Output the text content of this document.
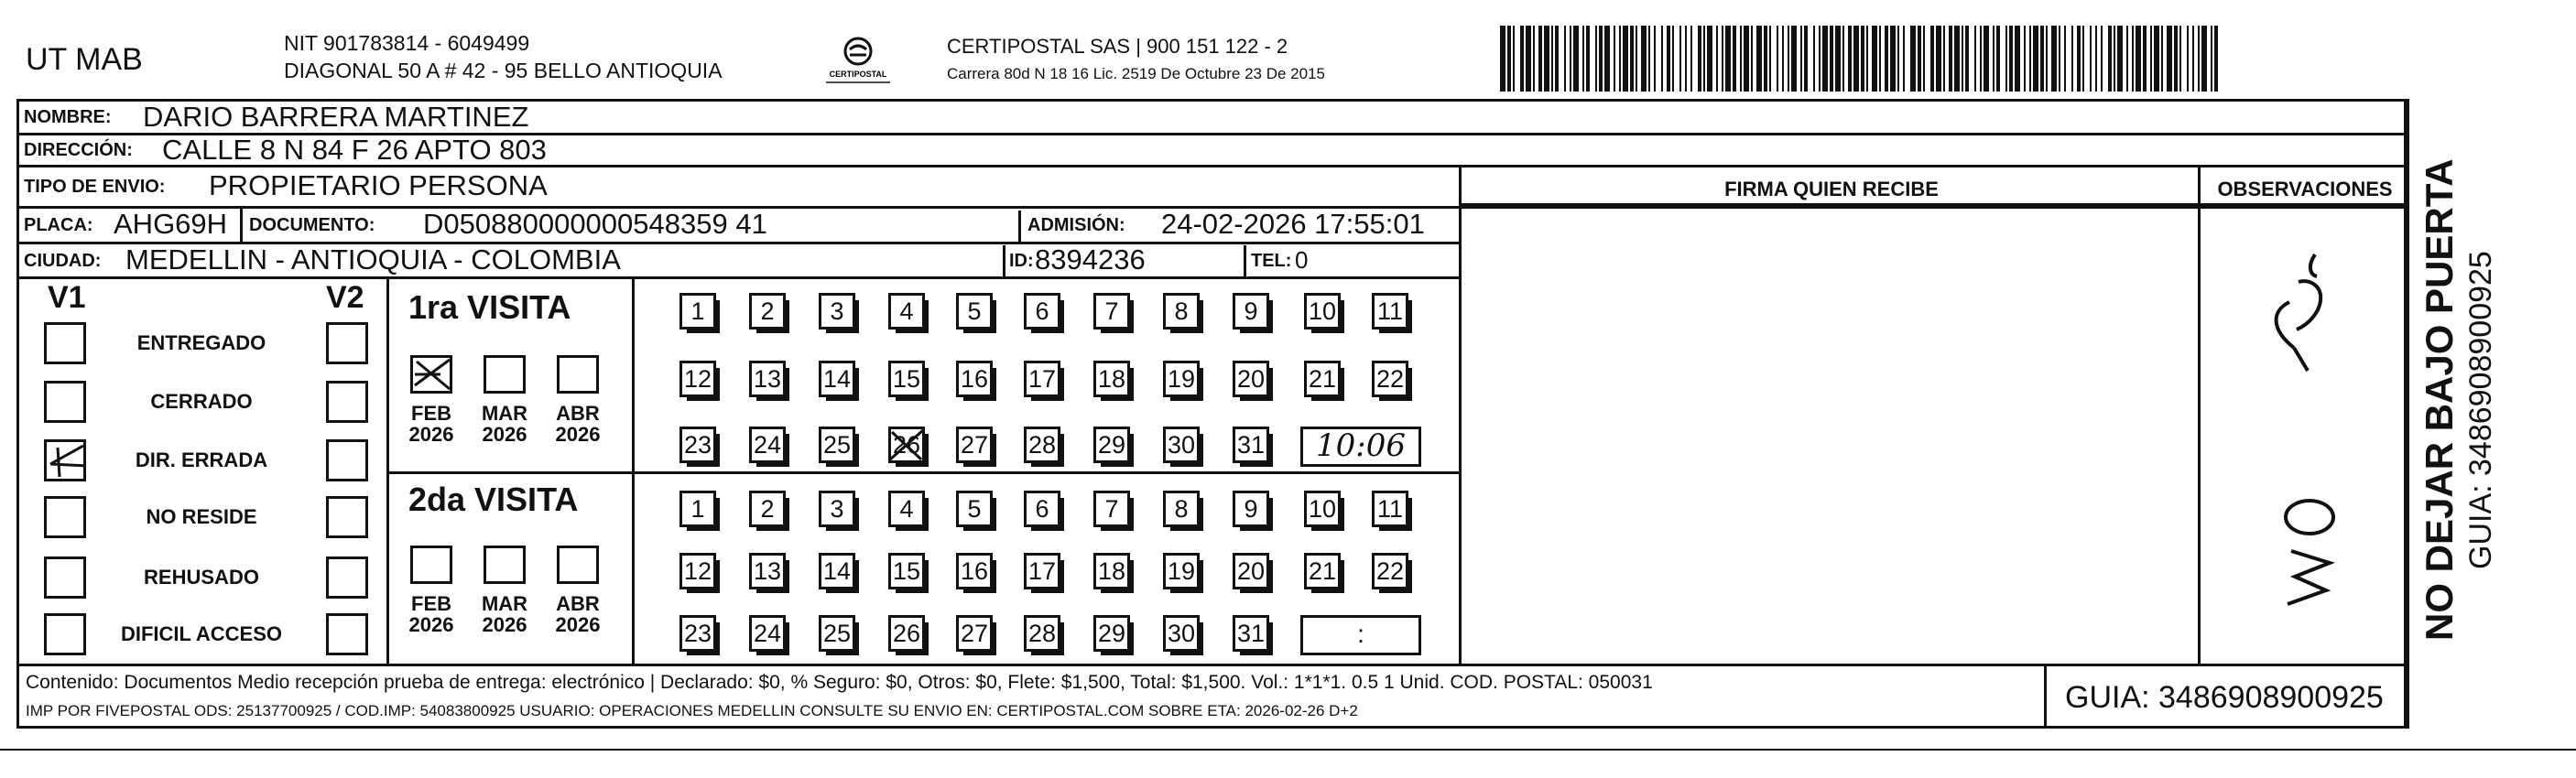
UT MAB	NIT 901783814 - 6049499
DIAGONAL 50 A # 42 - 95 BELLO ANTIOQUIA	CERTIPOSTAL
CERTIPOSTAL SAS | 900 151 122 - 2
Carrera 80d N 18 16 Lic. 2519 De Octubre 23 De 2015
NOMBRE: DARIO BARRERA MARTINEZ
DIRECCIÓN: CALLE 8 N 84 F 26 APTO 803
TIPO DE ENVIO: PROPIETARIO PERSONA
PLACA: AHG69H DOCUMENTO: D050880000000548359 41	ADMISIÓN: 24-02-2026 17:55:01
CIUDAD: MEDELLIN - ANTIOQUIA - COLOMBIA	ID: 8394236	TEL: 0
FIRMA QUIEN RECIBE	OBSERVACIONES NO DEJAR BAJO PUERTA GUIA: 3486908900925
V1	V2
ENTREGADO
CERRADO
DIR. ERRADA
NO RESIDE
REHUSADO
DIFICIL ACCESO
1ra VISITA
2da VISITA
FEB
2026
MAR
2026
ABR
2026
FEB
2026
MAR
2026
ABR
2026
1	2	3	4	5	6	7	8	9	10 11
12 13 14 15 16 17 18 19 20 21 22
23 24 25 26 27 28 29 30 31	10:06
1	2	3	4	5	6	7	8	9	10 11
12 13 14 15 16 17 18 19 20 21 22
23 24 25 26 27 28 29 30 31	:
Contenido: Documentos Medio recepción prueba de entrega: electrónico | Declarado: $0, % Seguro: $0, Otros: $0, Flete: $1,500, Total: $1,500. Vol.: 1*1*1. 0.5 1 Unid. COD. POSTAL: 050031
IMP POR FIVEPOSTAL ODS: 25137700925 / COD.IMP: 54083800925 USUARIO: OPERACIONES MEDELLIN CONSULTE SU ENVIO EN: CERTIPOSTAL.COM SOBRE ETA: 2026-02-26 D+2	GUIA: 3486908900925
